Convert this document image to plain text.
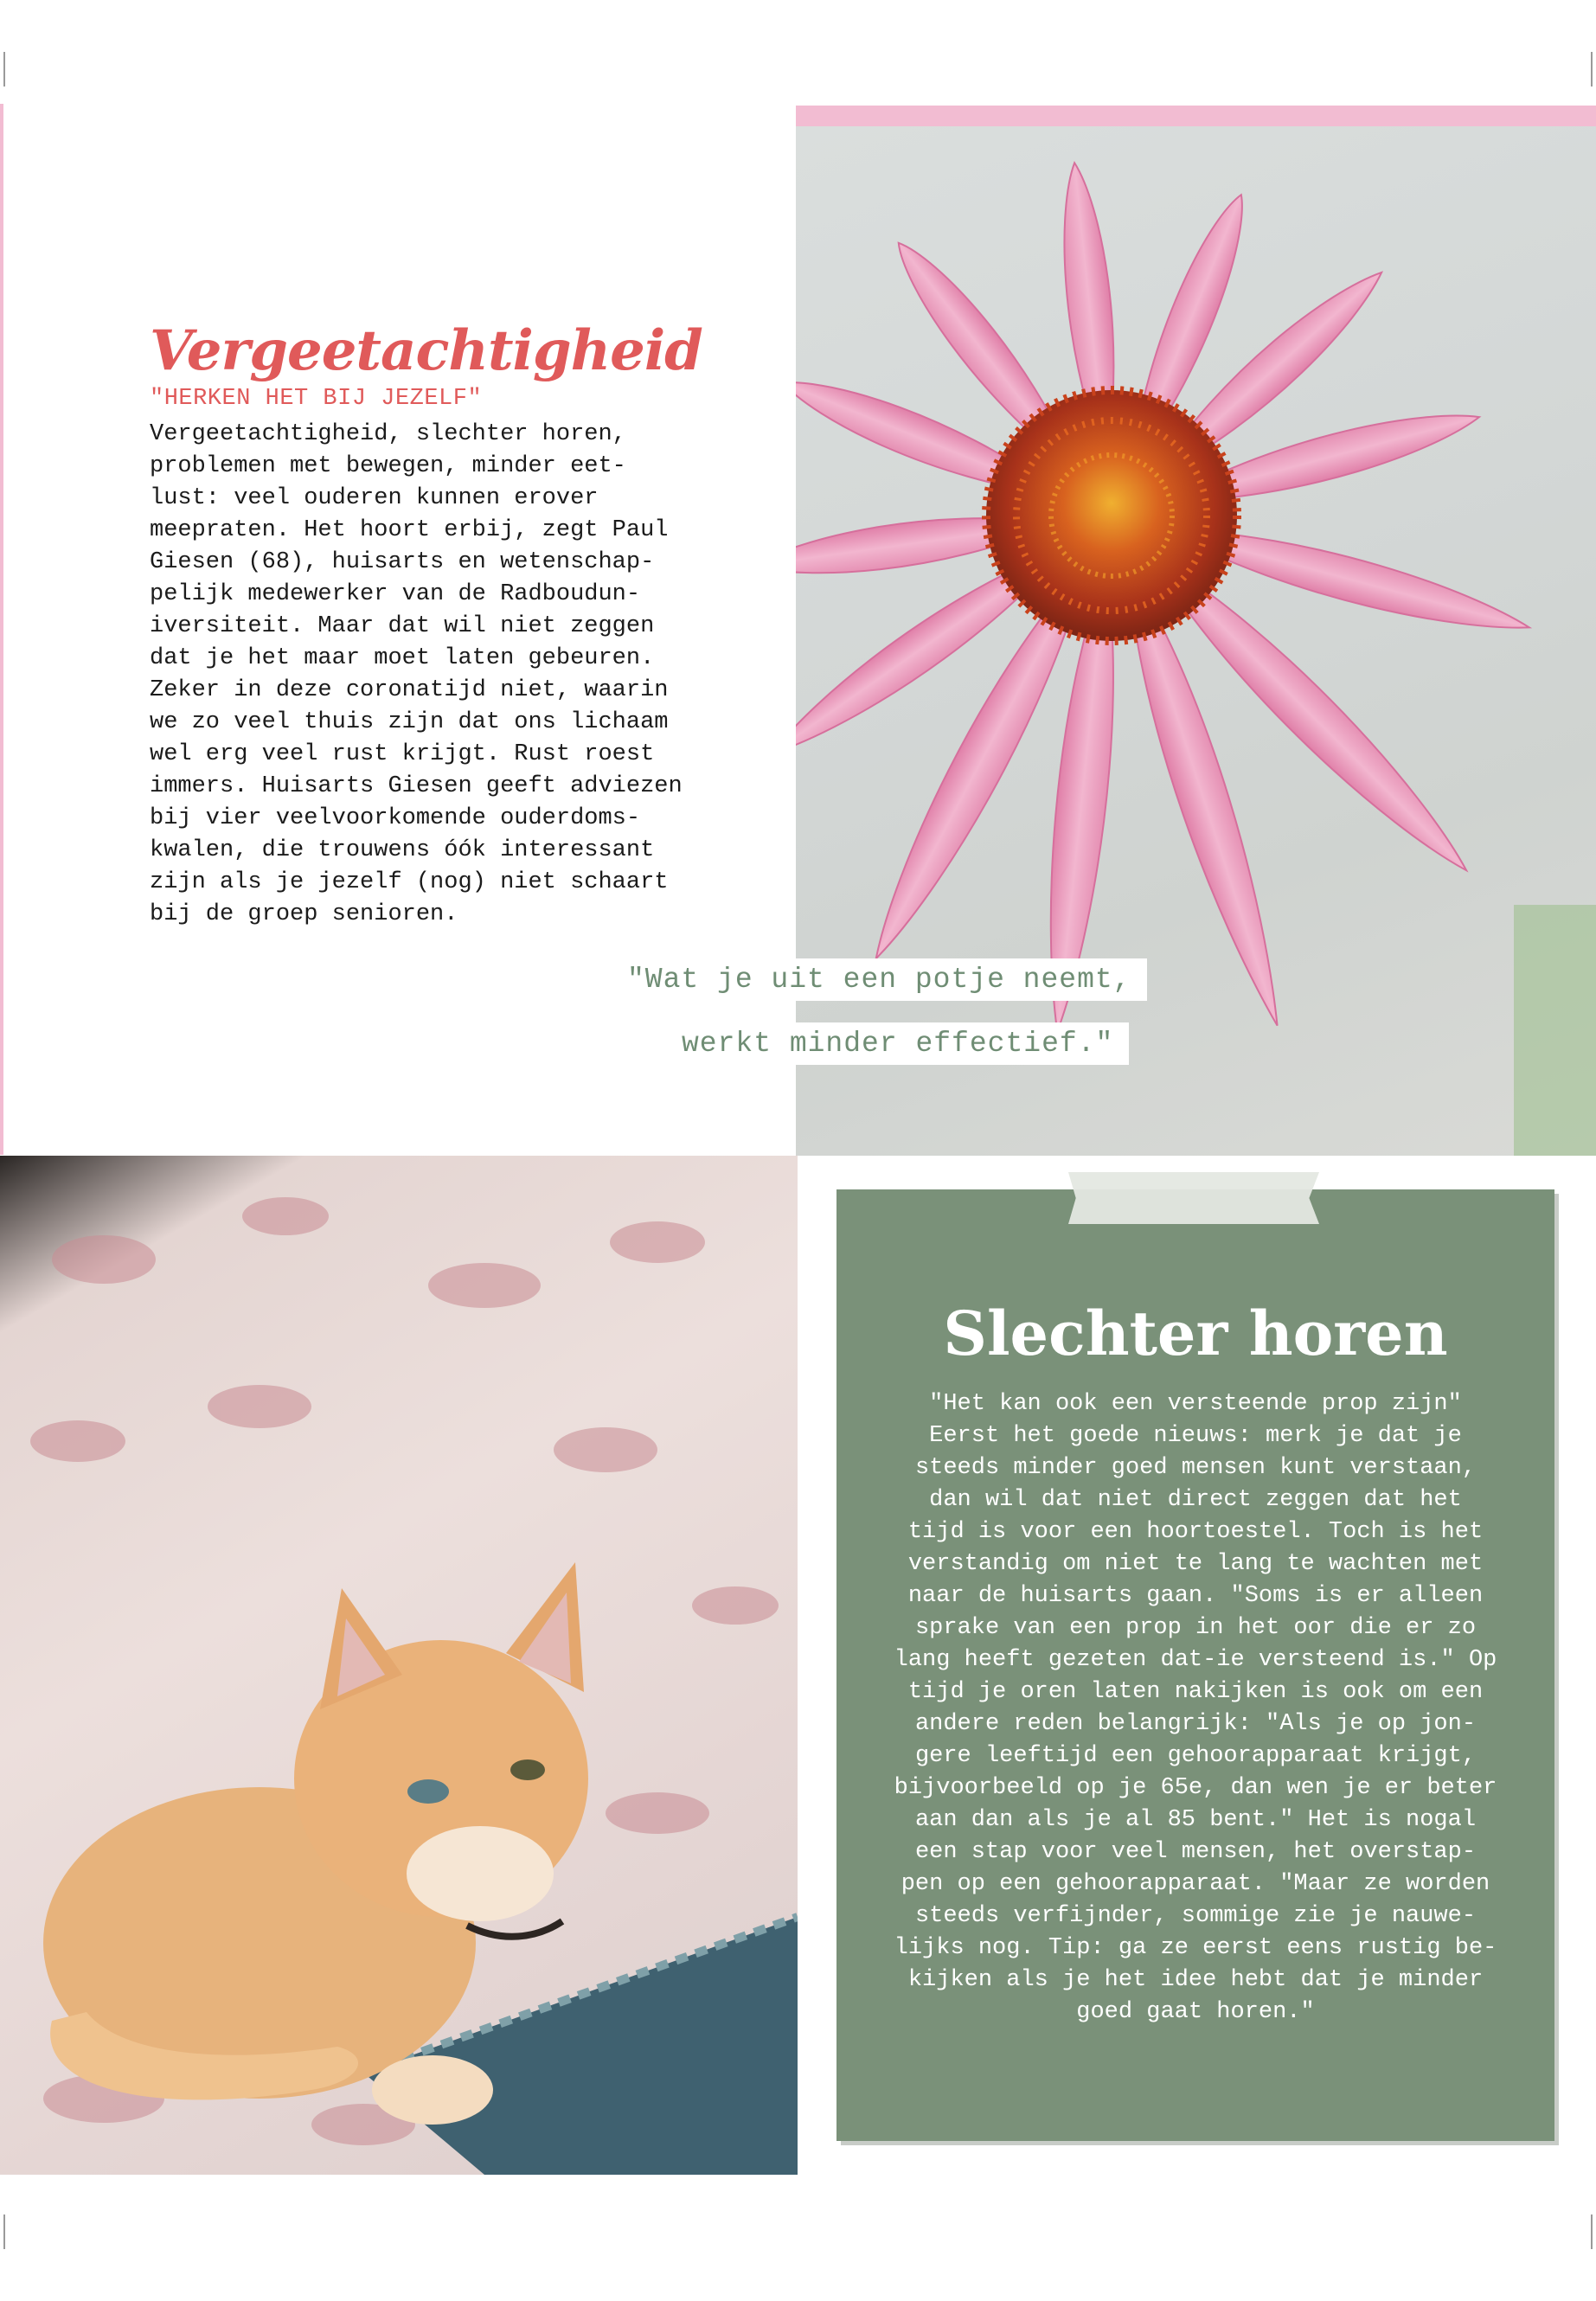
Vergeetachtigheid
"HERKEN HET BIJ JEZELF"

Vergeetachtigheid, slechter horen,
problemen met bewegen, minder eet-
lust: veel ouderen kunnen erover
meepraten. Het hoort erbij, zegt Paul
Giesen (68), huisarts en wetenschap-
pelijk medewerker van de Radboudun-
iversiteit. Maar dat wil niet zeggen
dat je het maar moet laten gebeuren.
Zeker in deze coronatijd niet, waarin
we zo veel thuis zijn dat ons lichaam
wel erg veel rust krijgt. Rust roest
immers. Huisarts Giesen geeft adviezen
bij vier veelvoorkomende ouderdoms-
kwalen, die trouwens óók interessant
zijn als je jezelf (nog) niet schaart
bij de groep senioren.

"Wat je uit een potje neemt,
werkt minder effectief."
Slechter horen

"Het kan ook een versteende prop zijn"
Eerst het goede nieuws: merk je dat je
steeds minder goed mensen kunt verstaan,
dan wil dat niet direct zeggen dat het
tijd is voor een hoortoestel. Toch is het
verstandig om niet te lang te wachten met
naar de huisarts gaan. "Soms is er alleen
sprake van een prop in het oor die er zo
lang heeft gezeten dat-ie versteend is." Op
tijd je oren laten nakijken is ook om een
andere reden belangrijk: "Als je op jon-
gere leeftijd een gehoorapparaat krijgt,
bijvoorbeeld op je 65e, dan wen je er beter
aan dan als je al 85 bent." Het is nogal
een stap voor veel mensen, het overstap-
pen op een gehoorapparaat. "Maar ze worden
steeds verfijnder, sommige zie je nauwe-
lijks nog. Tip: ga ze eerst eens rustig be-
kijken als je het idee hebt dat je minder
goed gaat horen."
